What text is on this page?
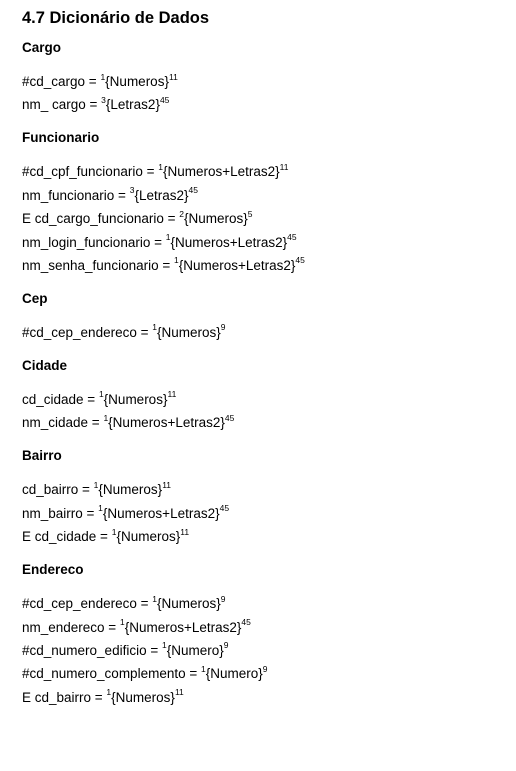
4.7 Dicionário de Dados
Cargo
#cd_cargo = $^1${Numeros}$^{11}$
nm_ cargo = $^3${Letras2}$^{45}$
Funcionario
#cd_cpf_funcionario = $^1${Numeros+Letras2}$^{11}$
nm_funcionario = $^3${Letras2}$^{45}$
E cd_cargo_funcionario = $^2${Numeros}$^5$
nm_login_funcionario = $^1${Numeros+Letras2}$^{45}$
nm_senha_funcionario = $^1${Numeros+Letras2}$^{45}$
Cep
#cd_cep_endereco = $^1${Numeros}$^9$
Cidade
cd_cidade = $^1${Numeros}$^{11}$
nm_cidade = $^1${Numeros+Letras2}$^{45}$
Bairro
cd_bairro = $^1${Numeros}$^{11}$
nm_bairro = $^1${Numeros+Letras2}$^{45}$
E cd_cidade = $^1${Numeros}$^{11}$
Endereco
#cd_cep_endereco = $^1${Numeros}$^9$
nm_endereco = $^1${Numeros+Letras2}$^{45}$
#cd_numero_edificio = $^1${Numero}$^9$
#cd_numero_complemento = $^1${Numero}$^9$
E cd_bairro = $^1${Numeros}$^{11}$
